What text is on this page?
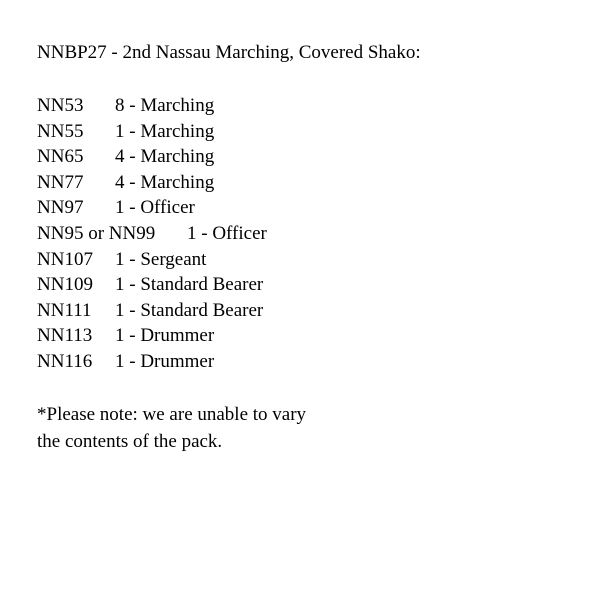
NNBP27 - 2nd Nassau Marching, Covered Shako:
NN53 8 - Marching
NN55 1 - Marching
NN65 4 - Marching
NN77 4 - Marching
NN97 1 - Officer
NN95 or NN99 1 - Officer
NN107 1 - Sergeant
NN109 1 - Standard Bearer
NN111 1 - Standard Bearer
NN113 1 - Drummer
NN116 1 - Drummer
*Please note: we are unable to vary
the contents of the pack.
